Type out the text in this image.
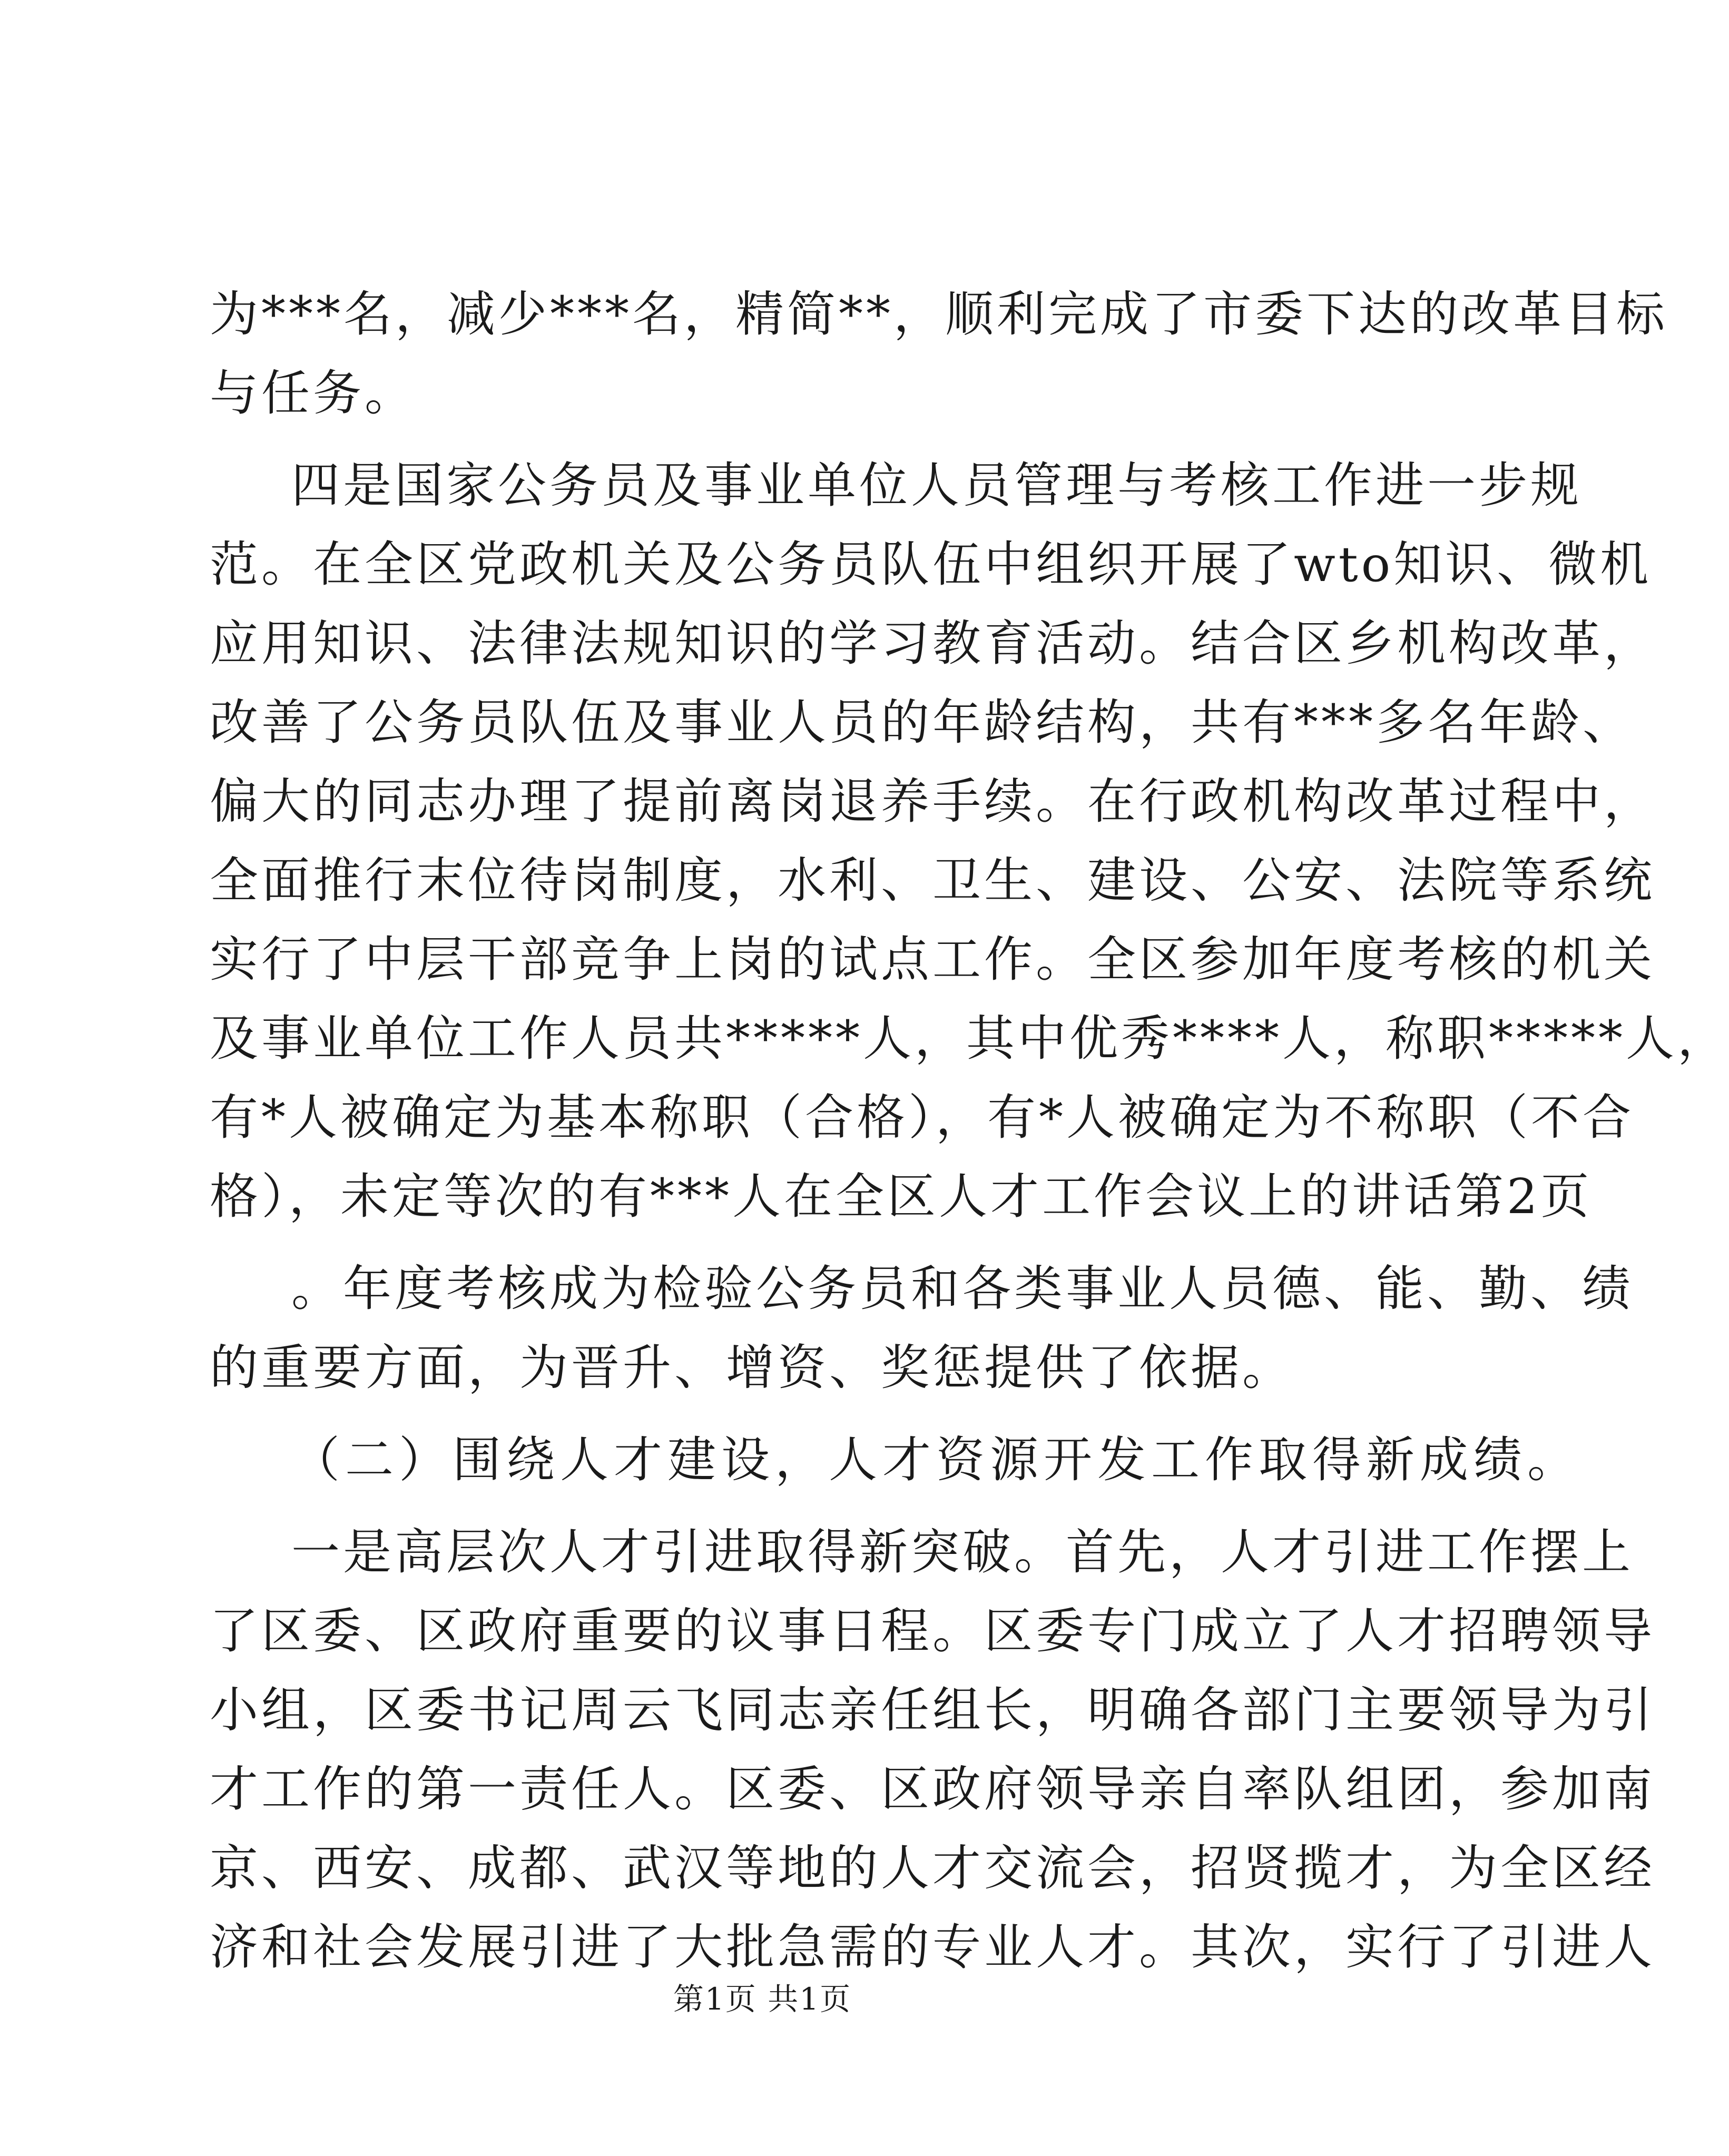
为***名，减少***名，精简**，顺利完成了市委下达的改革目标
与任务。
四是国家公务员及事业单位人员管理与考核工作进一步规
范。在全区党政机关及公务员队伍中组织开展了wto知识、微机
应用知识、法律法规知识的学习教育活动。结合区乡机构改革，
改善了公务员队伍及事业人员的年龄结构，共有***多名年龄、
偏大的同志办理了提前离岗退养手续。在行政机构改革过程中，
全面推行末位待岗制度，水利、卫生、建设、公安、法院等系统
实行了中层干部竞争上岗的试点工作。全区参加年度考核的机关
及事业单位工作人员共*****人，其中优秀****人，称职*****人，
有*人被确定为基本称职（合格），有*人被确定为不称职（不合
格），未定等次的有***人在全区人才工作会议上的讲话第2页
。年度考核成为检验公务员和各类事业人员德、能、勤、绩
的重要方面，为晋升、增资、奖惩提供了依据。
（二）围绕人才建设，人才资源开发工作取得新成绩。
一是高层次人才引进取得新突破。首先，人才引进工作摆上
了区委、区政府重要的议事日程。区委专门成立了人才招聘领导
小组，区委书记周云飞同志亲任组长，明确各部门主要领导为引
才工作的第一责任人。区委、区政府领导亲自率队组团，参加南
京、西安、成都、武汉等地的人才交流会，招贤揽才，为全区经
济和社会发展引进了大批急需的专业人才。其次，实行了引进人
第1页 共1页
